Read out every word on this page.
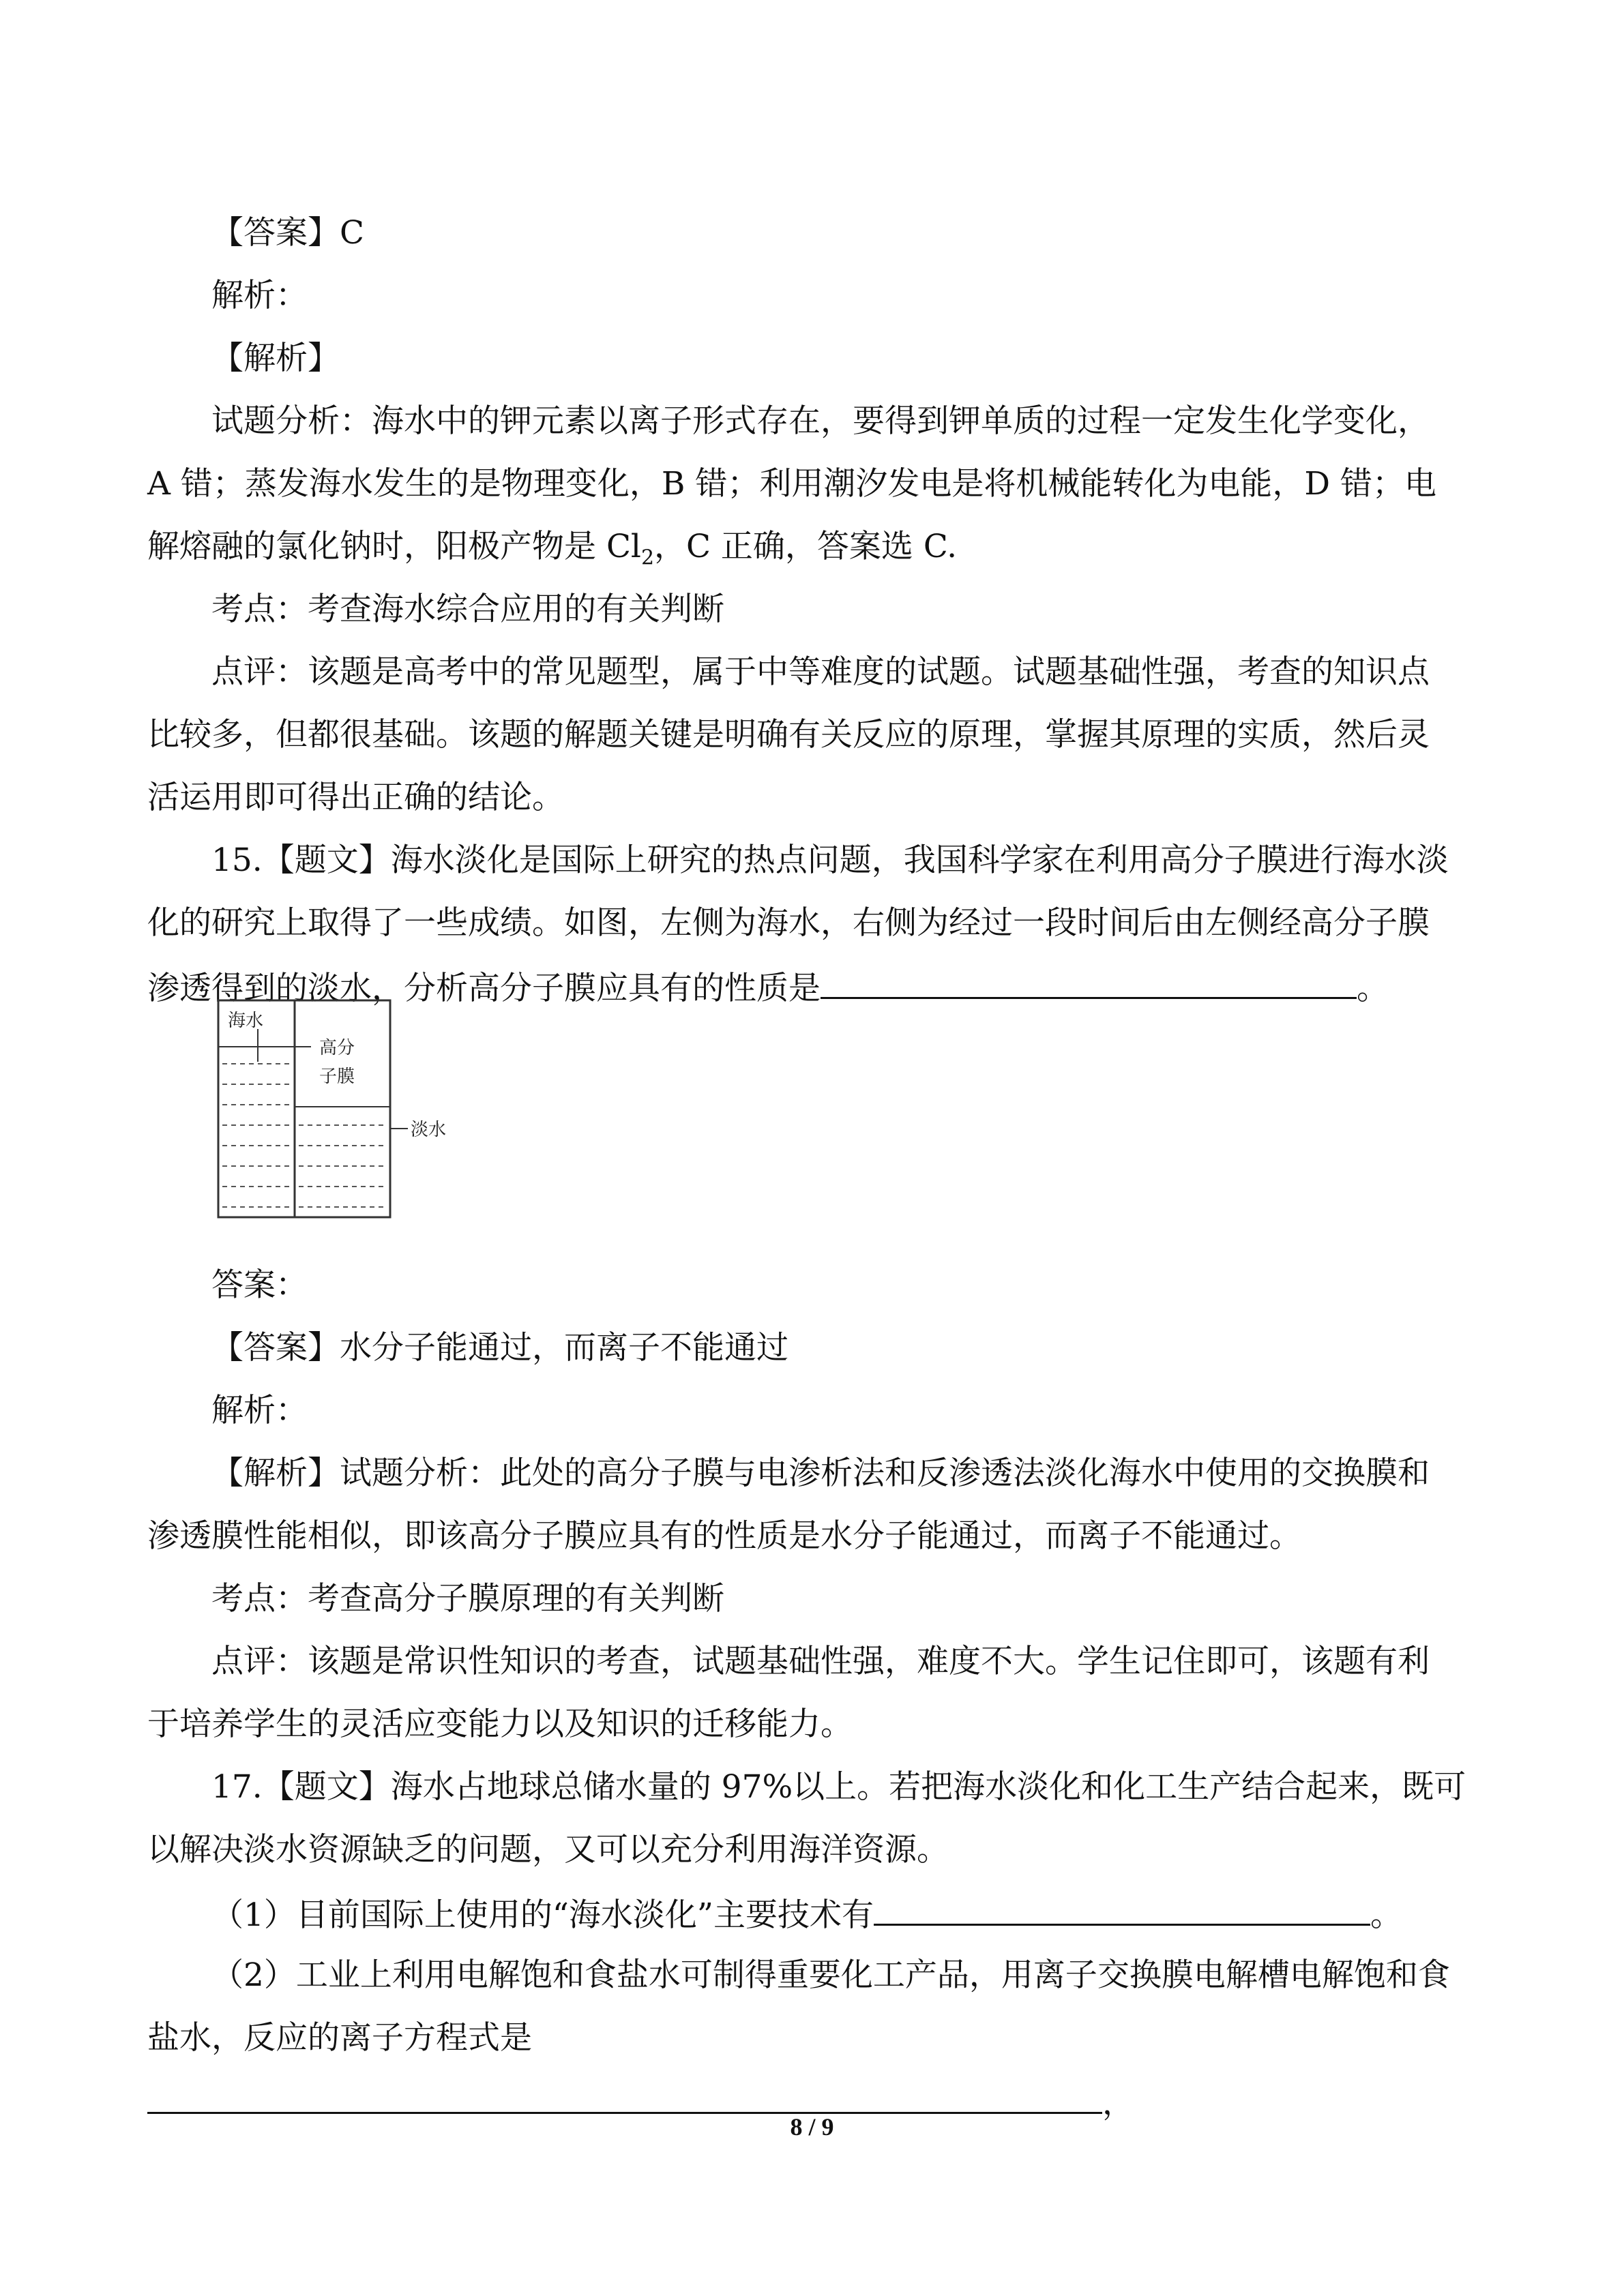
【答案】C
解析：
【解析】
试题分析：海水中的钾元素以离子形式存在，要得到钾单质的过程一定发生化学变化，
A 错；蒸发海水发生的是物理变化，B 错；利用潮汐发电是将机械能转化为电能，D 错；电
解熔融的氯化钠时，阳极产物是 $Cl_2$，C 正确，答案选 C.
考点：考查海水综合应用的有关判断
点评：该题是高考中的常见题型，属于中等难度的试题。试题基础性强，考查的知识点
比较多，但都很基础。该题的解题关键是明确有关反应的原理，掌握其原理的实质，然后灵
活运用即可得出正确的结论。
15.【题文】海水淡化是国际上研究的热点问题，我国科学家在利用高分子膜进行海水淡
化的研究上取得了一些成绩。如图，左侧为海水，右侧为经过一段时间后由左侧经高分子膜
渗透得到的淡水，分析高分子膜应具有的性质是	。
海水
高分
子膜
淡水
答案：
【答案】水分子能通过，而离子不能通过
解析：
【解析】试题分析：此处的高分子膜与电渗析法和反渗透法淡化海水中使用的交换膜和
渗透膜性能相似，即该高分子膜应具有的性质是水分子能通过，而离子不能通过。
考点：考查高分子膜原理的有关判断
点评：该题是常识性知识的考查，试题基础性强，难度不大。学生记住即可，该题有利
于培养学生的灵活应变能力以及知识的迁移能力。
17.【题文】海水占地球总储水量的 97%以上。若把海水淡化和化工生产结合起来，既可
以解决淡水资源缺乏的问题，又可以充分利用海洋资源。
（1）目前国际上使用的“海水淡化”主要技术有	。
（2）工业上利用电解饱和食盐水可制得重要化工产品，用离子交换膜电解槽电解饱和食
盐水，反应的离子方程式是
，
8 / 9
